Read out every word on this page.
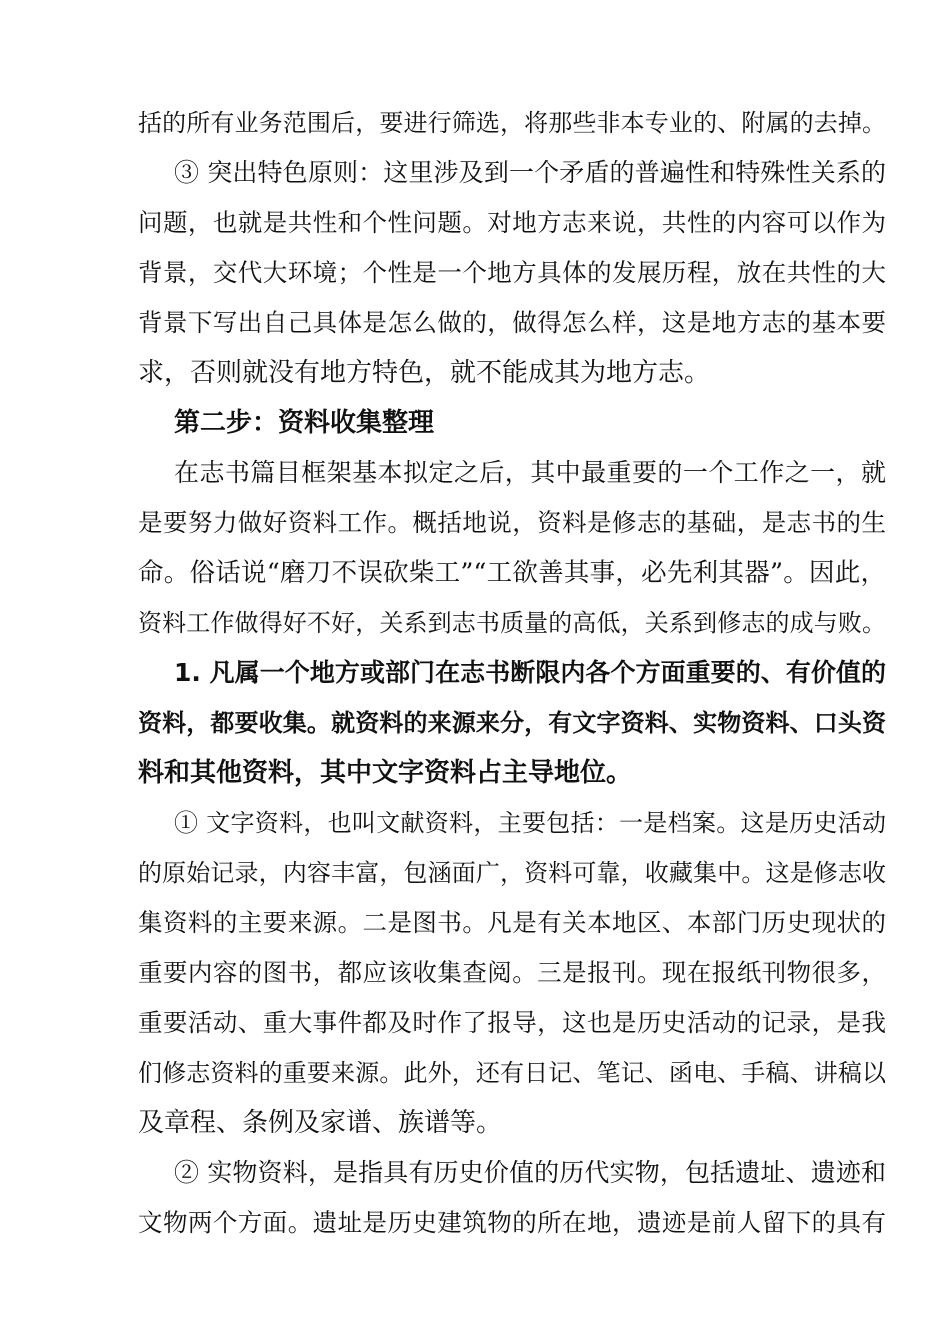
括的所有业务范围后，要进行筛选，将那些非本专业的、附属的去掉。
③ 突出特色原则：这里涉及到一个矛盾的普遍性和特殊性关系的
问题，也就是共性和个性问题。对地方志来说，共性的内容可以作为
背景，交代大环境；个性是一个地方具体的发展历程，放在共性的大
背景下写出自己具体是怎么做的，做得怎么样，这是地方志的基本要
求，否则就没有地方特色，就不能成其为地方志。
第二步：资料收集整理
在志书篇目框架基本拟定之后，其中最重要的一个工作之一，就
是要努力做好资料工作。概括地说，资料是修志的基础，是志书的生
命。俗话说“磨刀不误砍柴工”“工欲善其事，必先利其器”。因此，
资料工作做得好不好，关系到志书质量的高低，关系到修志的成与败。
1. 凡属一个地方或部门在志书断限内各个方面重要的、有价值的
资料，都要收集。就资料的来源来分，有文字资料、实物资料、口头资
料和其他资料，其中文字资料占主导地位。
① 文字资料，也叫文献资料，主要包括：一是档案。这是历史活动
的原始记录，内容丰富，包涵面广，资料可靠，收藏集中。这是修志收
集资料的主要来源。二是图书。凡是有关本地区、本部门历史现状的
重要内容的图书，都应该收集查阅。三是报刊。现在报纸刊物很多，
重要活动、重大事件都及时作了报导，这也是历史活动的记录，是我
们修志资料的重要来源。此外，还有日记、笔记、函电、手稿、讲稿以
及章程、条例及家谱、族谱等。
② 实物资料，是指具有历史价值的历代实物，包括遗址、遗迹和
文物两个方面。遗址是历史建筑物的所在地，遗迹是前人留下的具有
